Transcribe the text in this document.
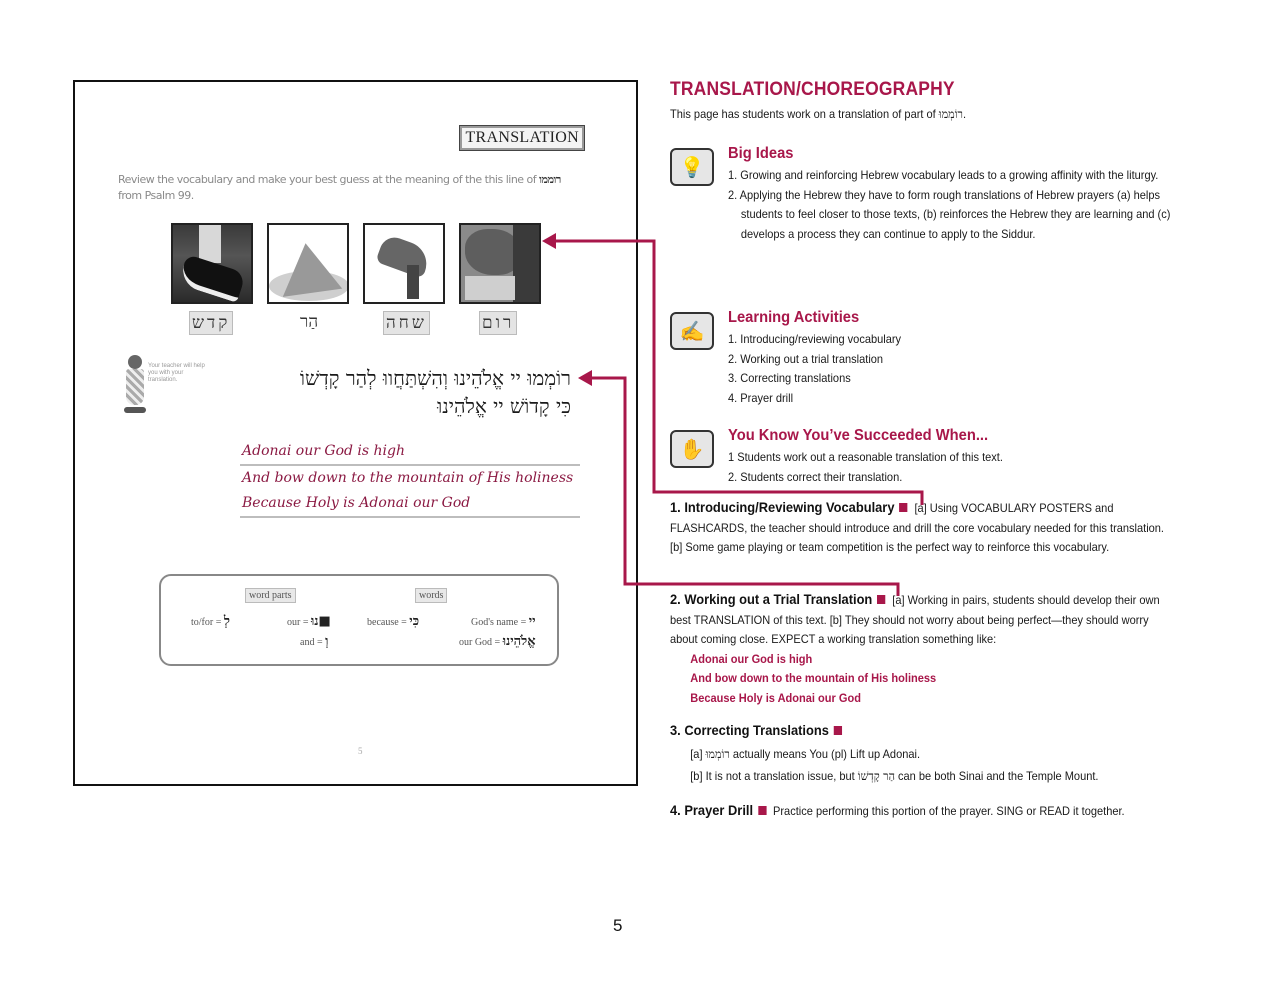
TRANSLATION
Review the vocabulary and make your best guess at the meaning of the this line of רוממו from Psalm 99.
קדש	הַר	שחה	רום
Your teacher will help you with your translation.	רוֹמְמוּ יי אֱלֹהֵינוּ וְהִשְׁתַּחֲווּ לְהַר קָדְשׁוֹ
כִּי קָדוֹשׁ יי אֱלֹהֵינוּ
Adonai our God is high
And bow down to the mountain of His holiness
Because Holy is Adonai our God
word parts	words
to/for = לְ	our = נוּ■
and = וְ
because = כִּי	God's name = יי
our God = אֱלֹהֵינוּ
5
TRANSLATION/CHOREOGRAPHY

This page has students work on a translation of part of רוֹמְמוּ.

💡
Big Ideas
1. Growing and reinforcing Hebrew vocabulary leads to a growing affinity with the liturgy.
2. Applying the Hebrew they have to form rough translations of Hebrew prayers (a) helps students to feel closer to those texts, (b) reinforces the Hebrew they are learning and (c) develops a process they can continue to apply to the Siddur.
✍
Learning Activities
1. Introducing/reviewing vocabulary
2. Working out a trial translation
3. Correcting translations
4. Prayer drill
✋
You Know You’ve Succeeded When...
1 Students work out a reasonable translation of this text.
2. Students correct their translation.
1. Introducing/Reviewing Vocabulary [a] Using VOCABULARY POSTERS and FLASHCARDS, the teacher should introduce and drill the core vocabulary needed for this translation. [b] Some game playing or team competition is the perfect way to reinforce this vocabulary.
2. Working out a Trial Translation [a] Working in pairs, students should develop their own best TRANSLATION of this text. [b] They should not worry about being perfect—they should worry about coming close. EXPECT a working translation something like:
Adonai our God is high
And bow down to the mountain of His holiness
Because Holy is Adonai our God
3. Correcting Translations
[a] רוֹמְמוּ actually means You (pl) Lift up Adonai.
[b] It is not a translation issue, but הַר קָדְשׁוֹ can be both Sinai and the Temple Mount.
4. Prayer Drill Practice performing this portion of the prayer. SING or READ it together.
5
